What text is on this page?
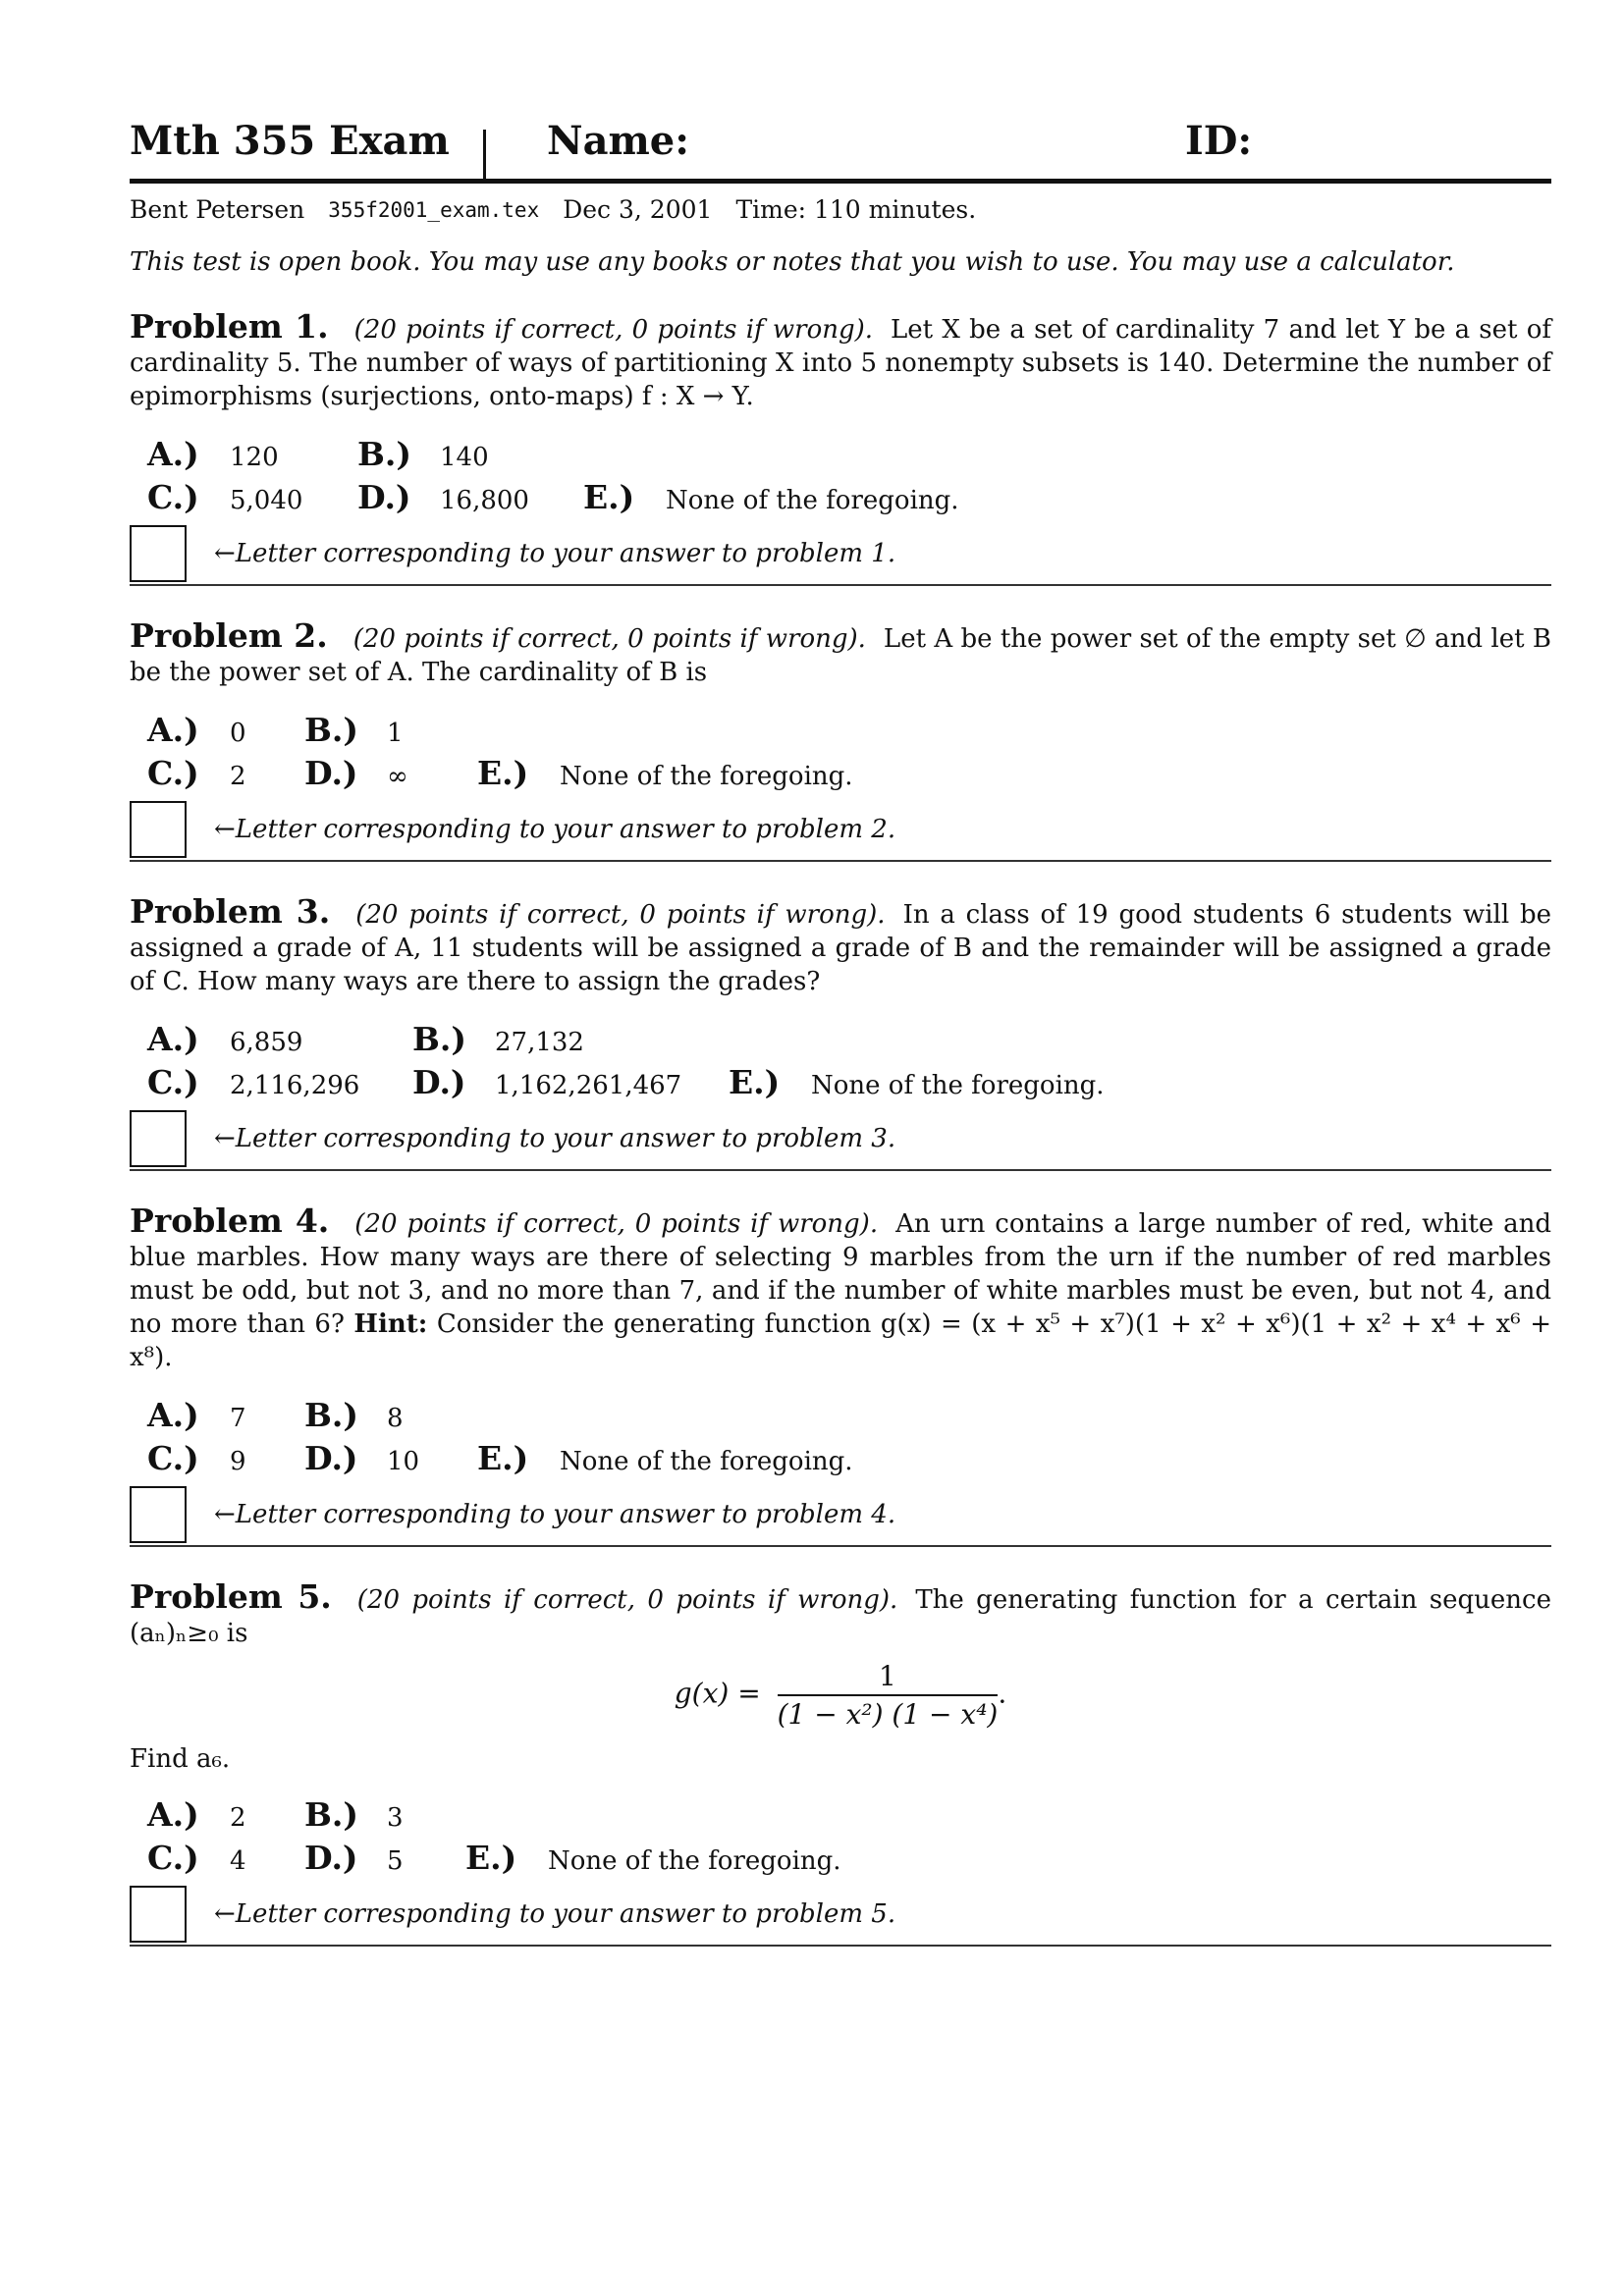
Mth 355 Exam Name:	ID:
Bent Petersen 355f2001_exam.tex Dec 3, 2001 Time: 110 minutes.
This test is open book. You may use any books or notes that you wish to use. You may use a calculator.
Problem 1. (20 points if correct, 0 points if wrong). Let X be a set of cardinality 7 and let Y be a set of cardinality 5. The number of ways of partitioning X into 5 nonempty subsets is 140. Determine the number of epimorphisms (surjections, onto-maps) f : X → Y.
A.)	120	B.)	140
C.)	5,040	D.)	16,800	E.)	None of the foregoing.
←Letter corresponding to your answer to problem 1.
Problem 2. (20 points if correct, 0 points if wrong). Let A be the power set of the empty set ∅ and let B be the power set of A. The cardinality of B is
A.)	0	B.)	1
C.)	2	D.)	∞	E.)	None of the foregoing.
←Letter corresponding to your answer to problem 2.
Problem 3. (20 points if correct, 0 points if wrong). In a class of 19 good students 6 students will be assigned a grade of A, 11 students will be assigned a grade of B and the remainder will be assigned a grade of C. How many ways are there to assign the grades?
A.)	6,859	B.)	27,132
C.)	2,116,296	D.)	1,162,261,467	E.)	None of the foregoing.
←Letter corresponding to your answer to problem 3.
Problem 4. (20 points if correct, 0 points if wrong). An urn contains a large number of red, white and blue marbles. How many ways are there of selecting 9 marbles from the urn if the number of red marbles must be odd, but not 3, and no more than 7, and if the number of white marbles must be even, but not 4, and no more than 6? Hint: Consider the generating function g(x) = (x + x⁵ + x⁷)(1 + x² + x⁶)(1 + x² + x⁴ + x⁶ + x⁸).
A.)	7	B.)	8
C.)	9	D.)	10	E.)	None of the foregoing.
←Letter corresponding to your answer to problem 4.
Problem 5. (20 points if correct, 0 points if wrong). The generating function for a certain sequence (aₙ)ₙ≥₀ is
$g(x) = \frac{1}{\text{(1 − x²) (1 − x⁴)}}$ .
Find a₆.
A.)	2	B.)	3
C.)	4	D.)	5	E.)	None of the foregoing.
←Letter corresponding to your answer to problem 5.
